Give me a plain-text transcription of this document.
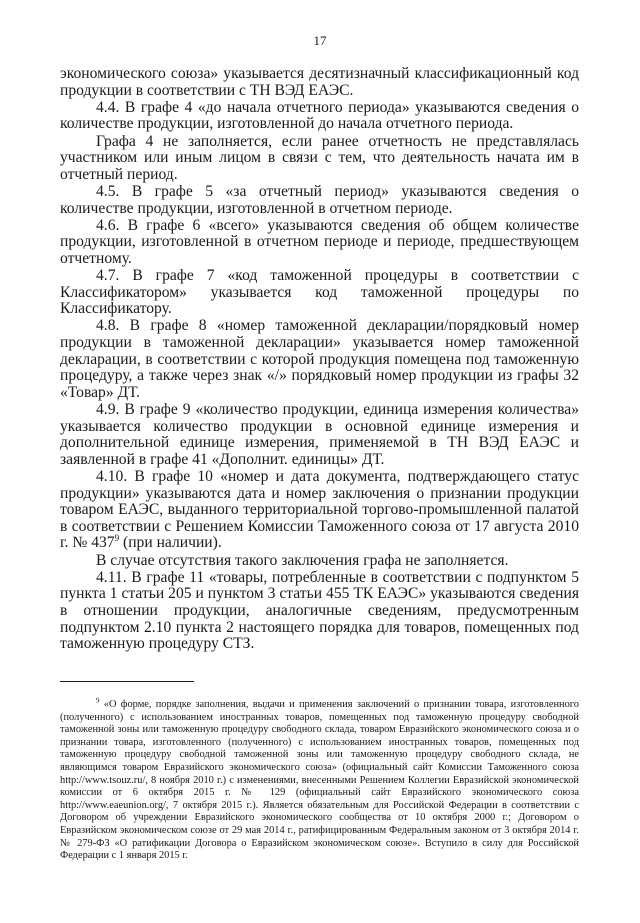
17

экономического союза» указывается десятизначный классификационный код продукции в соответствии с ТН ВЭД ЕАЭС.

4.4. В графе 4 «до начала отчетного периода» указываются сведения о количестве продукции, изготовленной до начала отчетного периода.

Графа 4 не заполняется, если ранее отчетность не представлялась участником или иным лицом в связи с тем, что деятельность начата им в отчетный период.

4.5. В графе 5 «за отчетный период» указываются сведения о количестве продукции, изготовленной в отчетном периоде.

4.6. В графе 6 «всего» указываются сведения об общем количестве продукции, изготовленной в отчетном периоде и периоде, предшествующем отчетному.

4.7. В графе 7 «код таможенной процедуры в соответствии с Классификатором» указывается код таможенной процедуры по Классификатору.

4.8. В графе 8 «номер таможенной декларации/порядковый номер продукции в таможенной декларации» указывается номер таможенной декларации, в соответствии с которой продукция помещена под таможенную процедуру, а также через знак «/» порядковый номер продукции из графы 32 «Товар» ДТ.

4.9. В графе 9 «количество продукции, единица измерения количества» указывается количество продукции в основной единице измерения и дополнительной единице измерения, применяемой в ТН ВЭД ЕАЭС и заявленной в графе 41 «Дополнит. единицы» ДТ.

4.10. В графе 10 «номер и дата документа, подтверждающего статус продукции» указываются дата и номер заключения о признании продукции товаром ЕАЭС, выданного территориальной торгово-промышленной палатой в соответствии с Решением Комиссии Таможенного союза от 17 августа 2010 г. № $437^9$ (при наличии).

В случае отсутствия такого заключения графа не заполняется.

4.11. В графе 11 «товары, потребленные в соответствии с подпунктом 5 пункта 1 статьи 205 и пунктом 3 статьи 455 ТК ЕАЭС» указываются сведения в отношении продукции, аналогичные сведениям, предусмотренным подпунктом 2.10 пункта 2 настоящего порядка для товаров, помещенных под таможенную процедуру СТЗ.

$^9$ «О форме, порядке заполнения, выдачи и применения заключений о признании товара, изготовленного (полученного) с использованием иностранных товаров, помещенных под таможенную процедуру свободной таможенной зоны или таможенную процедуру свободного склада, товаром Евразийского экономического союза и о признании товара, изготовленного (полученного) с использованием иностранных товаров, помещенных под таможенную процедуру свободной таможенной зоны или таможенную процедуру свободного склада, не являющимся товаром Евразийского экономического союза» (официальный сайт Комиссии Таможенного союза http://www.tsouz.ru/, 8 ноября 2010 г.) с изменениями, внесенными Решением Коллегии Евразийской экономической комиссии от 6 октября 2015 г. № 129 (официальный сайт Евразийского экономического союза http://www.eaeunion.org/, 7 октября 2015 г.). Является обязательным для Российской Федерации в соответствии с Договором об учреждении Евразийского экономического сообщества от 10 октября 2000 г.; Договором о Евразийском экономическом союзе от 29 мая 2014 г., ратифицированным Федеральным законом от 3 октября 2014 г. № 279-ФЗ «О ратификации Договора о Евразийском экономическом союзе». Вступило в силу для Российской Федерации с 1 января 2015 г.
